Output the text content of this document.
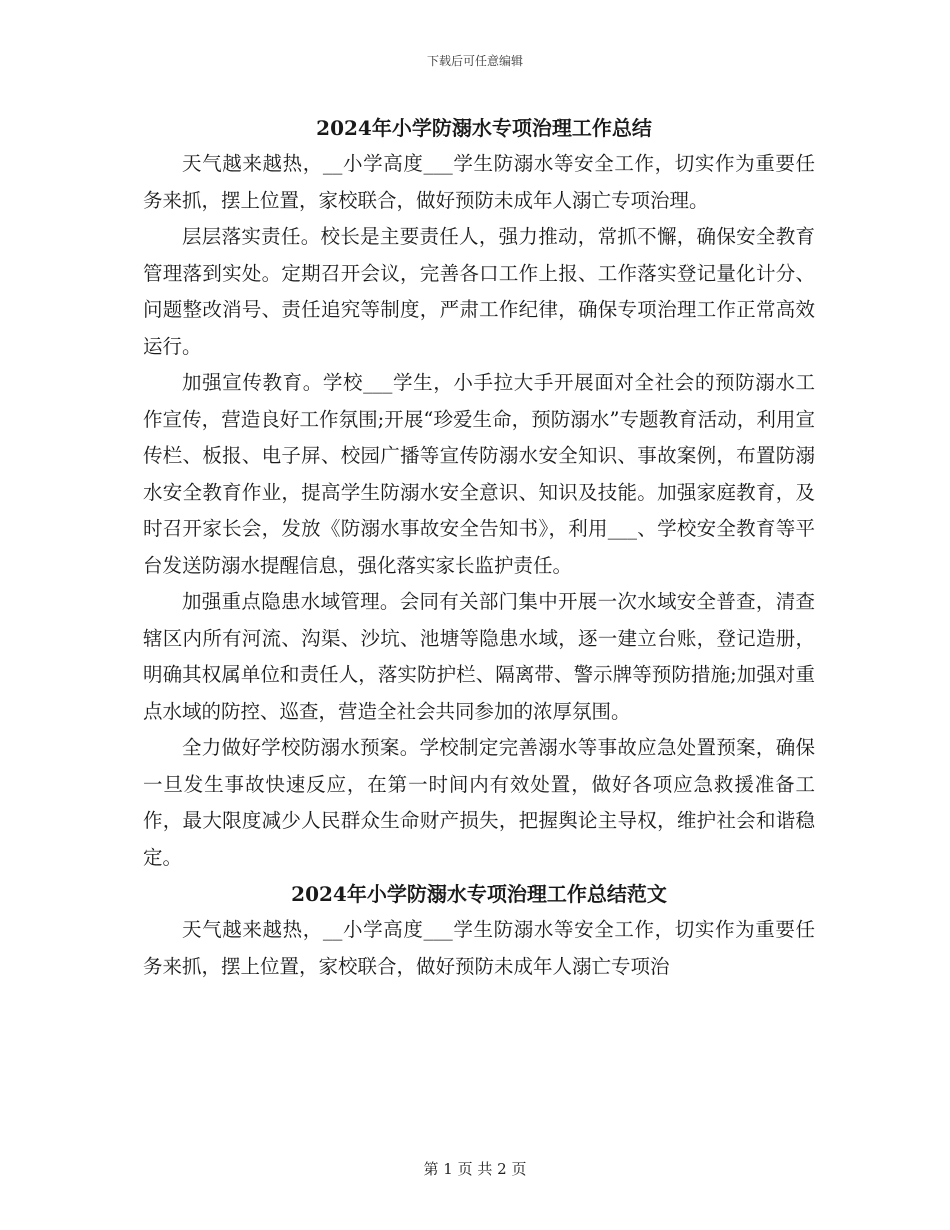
下载后可任意编辑
2024年小学防溺水专项治理工作总结

天气越来越热，__小学高度___学生防溺水等安全工作，切实作为重要任务来抓，摆上位置，家校联合，做好预防未成年人溺亡专项治理。

层层落实责任。校长是主要责任人，强力推动，常抓不懈，确保安全教育管理落到实处。定期召开会议，完善各口工作上报、工作落实登记量化计分、问题整改消号、责任追究等制度，严肃工作纪律，确保专项治理工作正常高效运行。

加强宣传教育。学校___学生，小手拉大手开展面对全社会的预防溺水工作宣传，营造良好工作氛围;开展“珍爱生命，预防溺水”专题教育活动，利用宣传栏、板报、电子屏、校园广播等宣传防溺水安全知识、事故案例，布置防溺水安全教育作业，提高学生防溺水安全意识、知识及技能。加强家庭教育，及时召开家长会，发放《防溺水事故安全告知书》，利用___、学校安全教育等平台发送防溺水提醒信息，强化落实家长监护责任。

加强重点隐患水域管理。会同有关部门集中开展一次水域安全普查，清查辖区内所有河流、沟渠、沙坑、池塘等隐患水域，逐一建立台账，登记造册，明确其权属单位和责任人，落实防护栏、隔离带、警示牌等预防措施;加强对重点水域的防控、巡查，营造全社会共同参加的浓厚氛围。

全力做好学校防溺水预案。学校制定完善溺水等事故应急处置预案，确保一旦发生事故快速反应，在第一时间内有效处置，做好各项应急救援准备工作，最大限度减少人民群众生命财产损失，把握舆论主导权，维护社会和谐稳定。

2024年小学防溺水专项治理工作总结范文

天气越来越热，__小学高度___学生防溺水等安全工作，切实作为重要任务来抓，摆上位置，家校联合，做好预防未成年人溺亡专项治

第 1 页 共 2 页
